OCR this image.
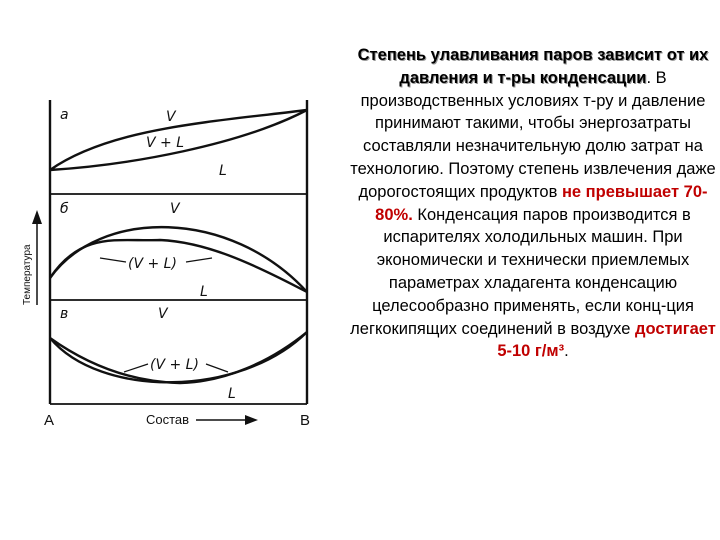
а
б
в
V
V + L
L
V
(V + L)
L
V
(V + L)
L
Температура
Состав
A	B
Степень улавливания паров зависит от их давления и т-ры конденсации. В производственных условиях т-ру и давление принимают такими, чтобы энергозатраты составляли незначительную долю затрат на технологию. Поэтому степень извлечения даже дорогостоящих продуктов не превышает 70-80%. Конденсация паров производится в испарителях холодильных машин. При экономически и технически приемлемых параметрах хладагента конденсацию целесообразно применять, если конц-ция легкокипящих соединений в воздухе достигает 5-10 г/м³.
